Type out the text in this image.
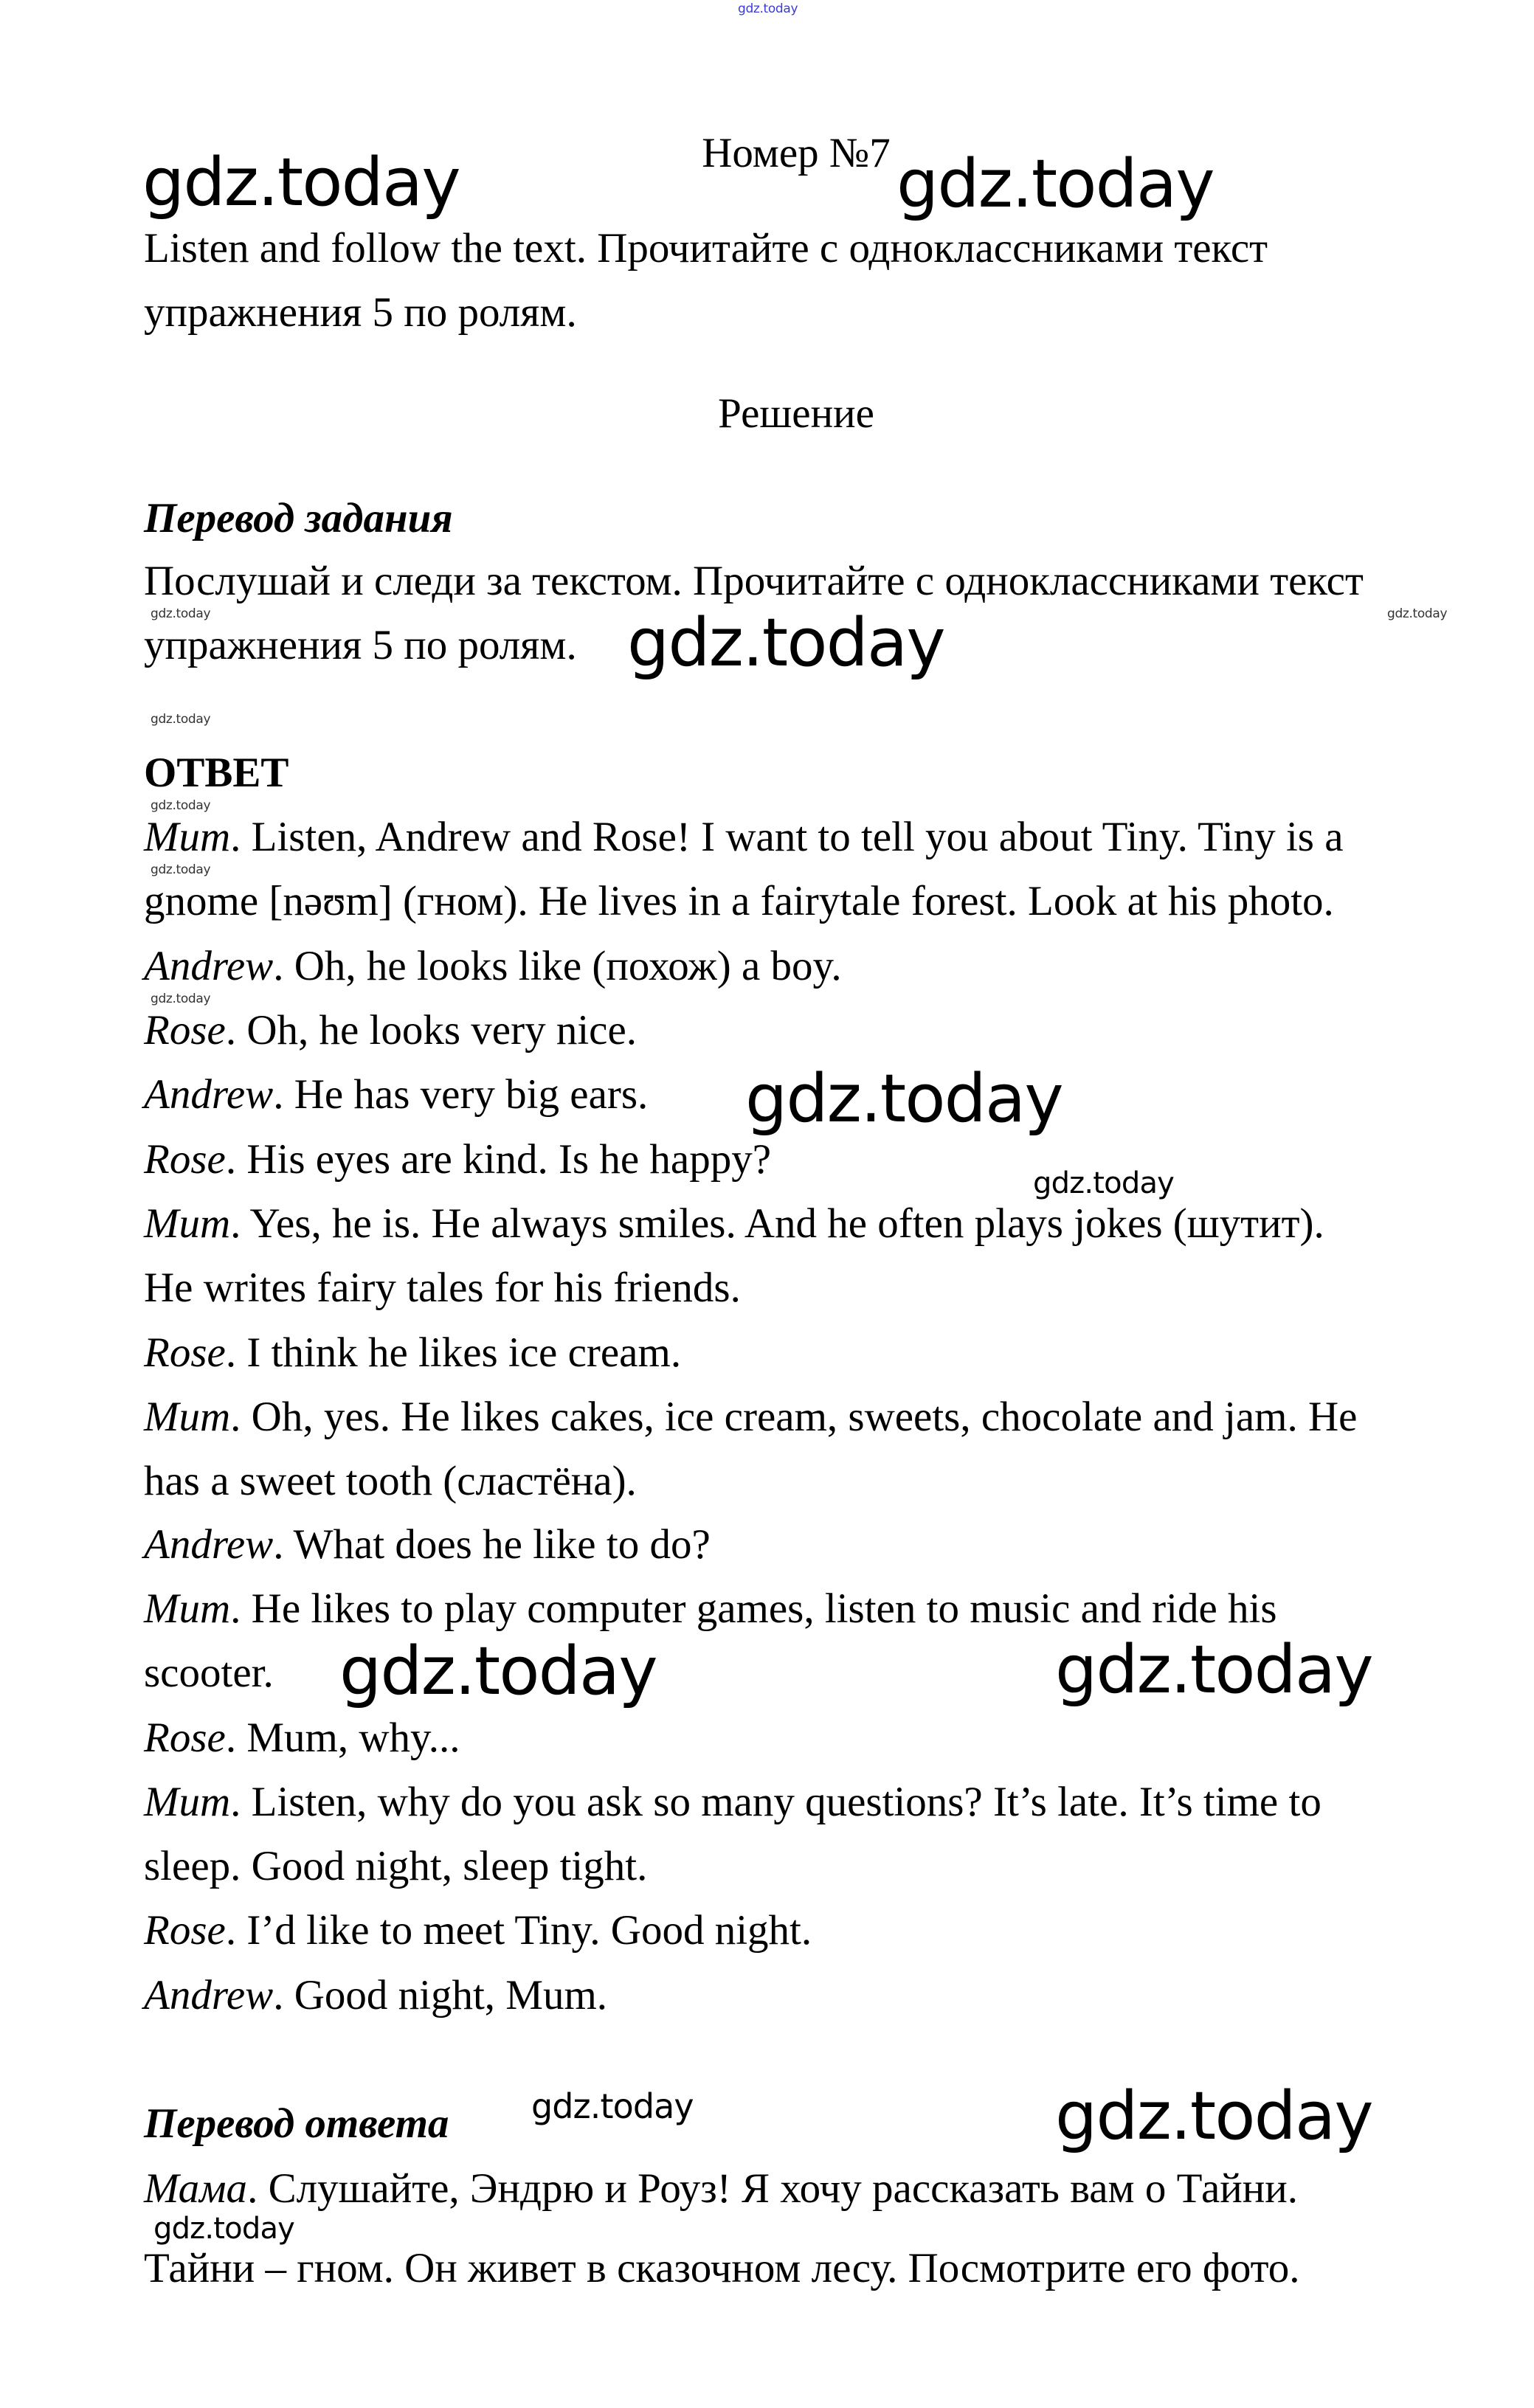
gdz.today
gdz.today	gdz.today
gdz.today
gdz.today	gdz.today
gdz.today
gdz.today
gdz.today
gdz.today
gdz.today
gdz.today
gdz.today	gdz.today
gdz.today	gdz.today
gdz.today
Номер №7
Listen and follow the text. Прочитайте с одноклассниками текст
упражнения 5 по ролям.
Решение
Перевод задания
Послушай и следи за текстом. Прочитайте с одноклассниками текст
упражнения 5 по ролям.
ОТВЕТ
Mum. Listen, Andrew and Rose! I want to tell you about Tiny. Tiny is a
gnome [nəʊm] (гном). He lives in a fairytale forest. Look at his photo.
Andrew. Oh, he looks like (похож) a boy.
Rose. Oh, he looks very nice.
Andrew. He has very big ears.
Rose. His eyes are kind. Is he happy?
Mum. Yes, he is. He always smiles. And he often plays jokes (шутит).
He writes fairy tales for his friends.
Rose. I think he likes ice cream.
Mum. Oh, yes. He likes cakes, ice cream, sweets, chocolate and jam. He
has a sweet tooth (сластёна).
Andrew. What does he like to do?
Mum. He likes to play computer games, listen to music and ride his
scooter.
Rose. Mum, why...
Mum. Listen, why do you ask so many questions? It’s late. It’s time to
sleep. Good night, sleep tight.
Rose. I’d like to meet Tiny. Good night.
Andrew. Good night, Mum.
Перевод ответа
Мама. Слушайте, Эндрю и Роуз! Я хочу рассказать вам о Тайни.
Тайни – гном. Он живет в сказочном лесу. Посмотрите его фото.
